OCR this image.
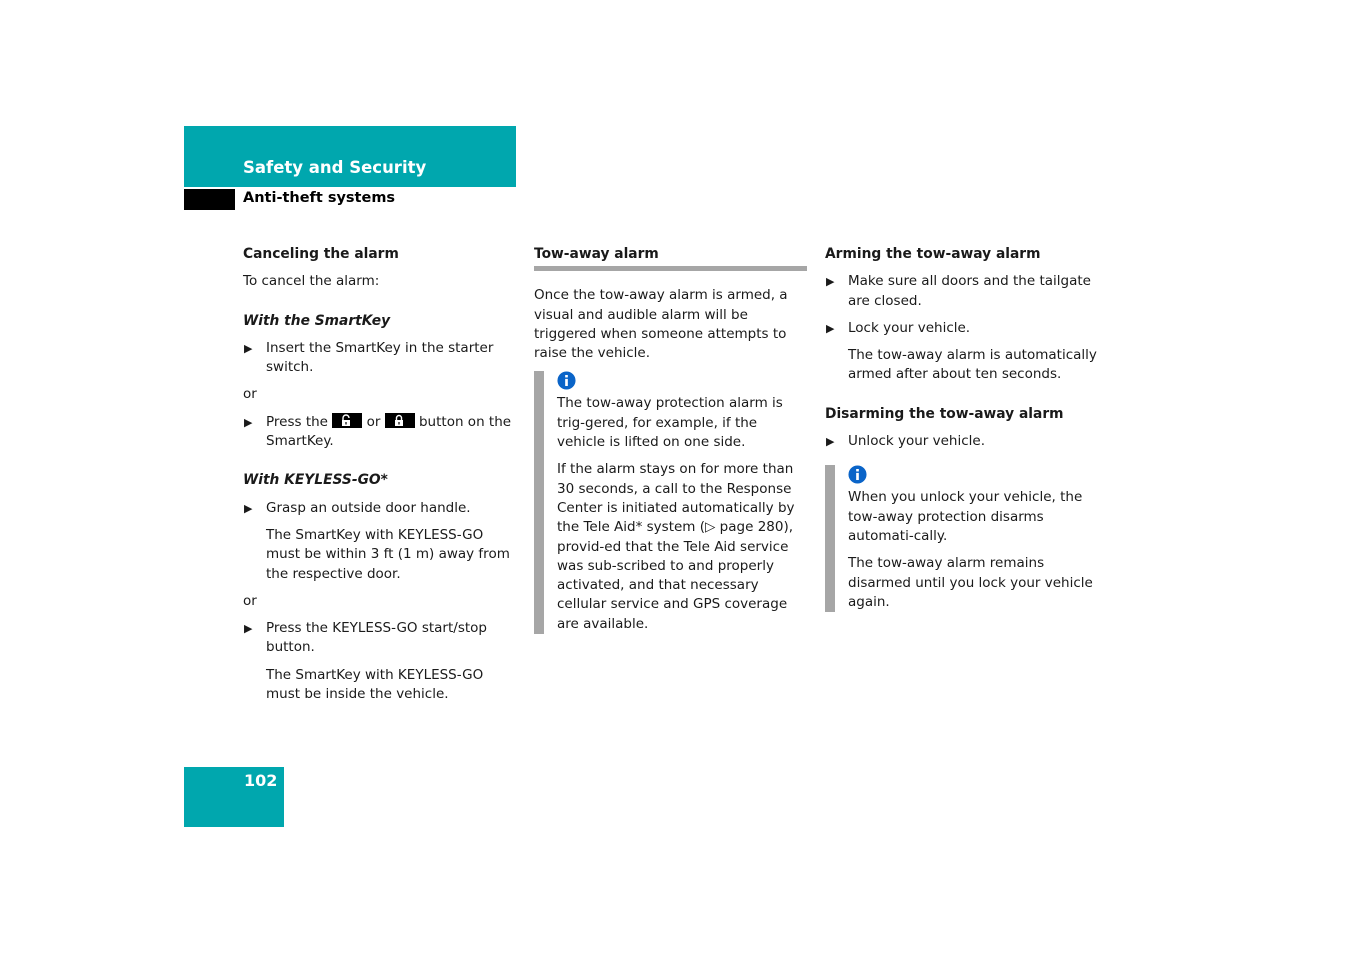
Safety and Security
Anti-theft systems
Canceling the alarm

To cancel the alarm:

With the SmartKey
▶ Insert the SmartKey in the starter switch.

or

▶ Press the	or	button on the SmartKey.
With KEYLESS-GO*
▶ Grasp an outside door handle.

The SmartKey with KEYLESS-GO must be within 3 ft (1 m) away from the respective door.

or

▶ Press the KEYLESS-GO start/stop button.

The SmartKey with KEYLESS-GO must be inside the vehicle.

Tow-away alarm

Once the tow-away alarm is armed, a visual and audible alarm will be triggered when someone attempts to raise the vehicle.

The tow-away protection alarm is trig-gered, for example, if the vehicle is lifted on one side.

If the alarm stays on for more than 30 seconds, a call to the Response Center is initiated automatically by the Tele Aid* system (▷ page 280), provid-ed that the Tele Aid service was sub-scribed to and properly activated, and that necessary cellular service and GPS coverage are available.

Arming the tow-away alarm
▶ Make sure all doors and the tailgate are closed.
▶ Lock your vehicle.

The tow-away alarm is automatically armed after about ten seconds.

Disarming the tow-away alarm
▶ Unlock your vehicle.

When you unlock your vehicle, the tow-away protection disarms automati-cally.

The tow-away alarm remains disarmed until you lock your vehicle again.

102
